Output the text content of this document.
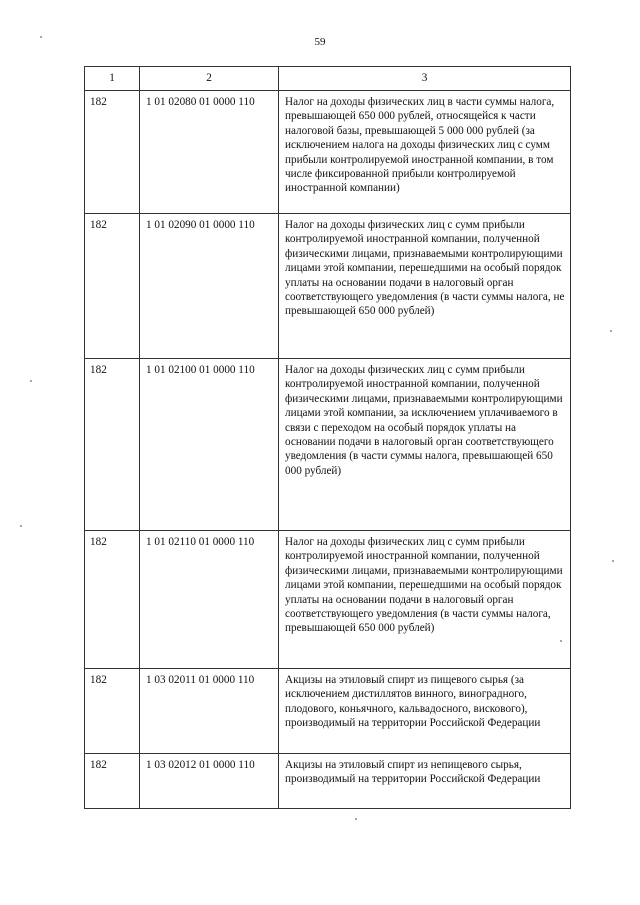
59
1	2	3
182	1 01 02080 01 0000 110	Налог на доходы физических лиц в части суммы налога, превышающей 650 000 рублей, относящейся к части налоговой базы, превышающей 5 000 000 рублей (за исключением налога на доходы физических лиц с сумм прибыли контролируемой иностранной компании, в том числе фиксированной прибыли контролируемой иностранной компании)
182	1 01 02090 01 0000 110	Налог на доходы физических лиц с сумм прибыли контролируемой иностранной компании, полученной физическими лицами, признаваемыми контролирующими лицами этой компании, перешедшими на особый порядок уплаты на основании подачи в налоговый орган соответствующего уведомления (в части суммы налога, не превышающей 650 000 рублей)
182	1 01 02100 01 0000 110	Налог на доходы физических лиц с сумм прибыли контролируемой иностранной компании, полученной физическими лицами, признаваемыми контролирующими лицами этой компании, за исключением уплачиваемого в связи с переходом на особый порядок уплаты на основании подачи в налоговый орган соответствующего уведомления (в части суммы налога, превышающей 650 000 рублей)
182	1 01 02110 01 0000 110	Налог на доходы физических лиц с сумм прибыли контролируемой иностранной компании, полученной физическими лицами, признаваемыми контролирующими лицами этой компании, перешедшими на особый порядок уплаты на основании подачи в налоговый орган соответствующего уведомления (в части суммы налога, превышающей 650 000 рублей)
182	1 03 02011 01 0000 110	Акцизы на этиловый спирт из пищевого сырья (за исключением дистиллятов винного, виноградного, плодового, коньячного, кальвадосного, вискового), производимый на территории Российской Федерации
182	1 03 02012 01 0000 110	Акцизы на этиловый спирт из непищевого сырья, производимый на территории Российской Федерации
